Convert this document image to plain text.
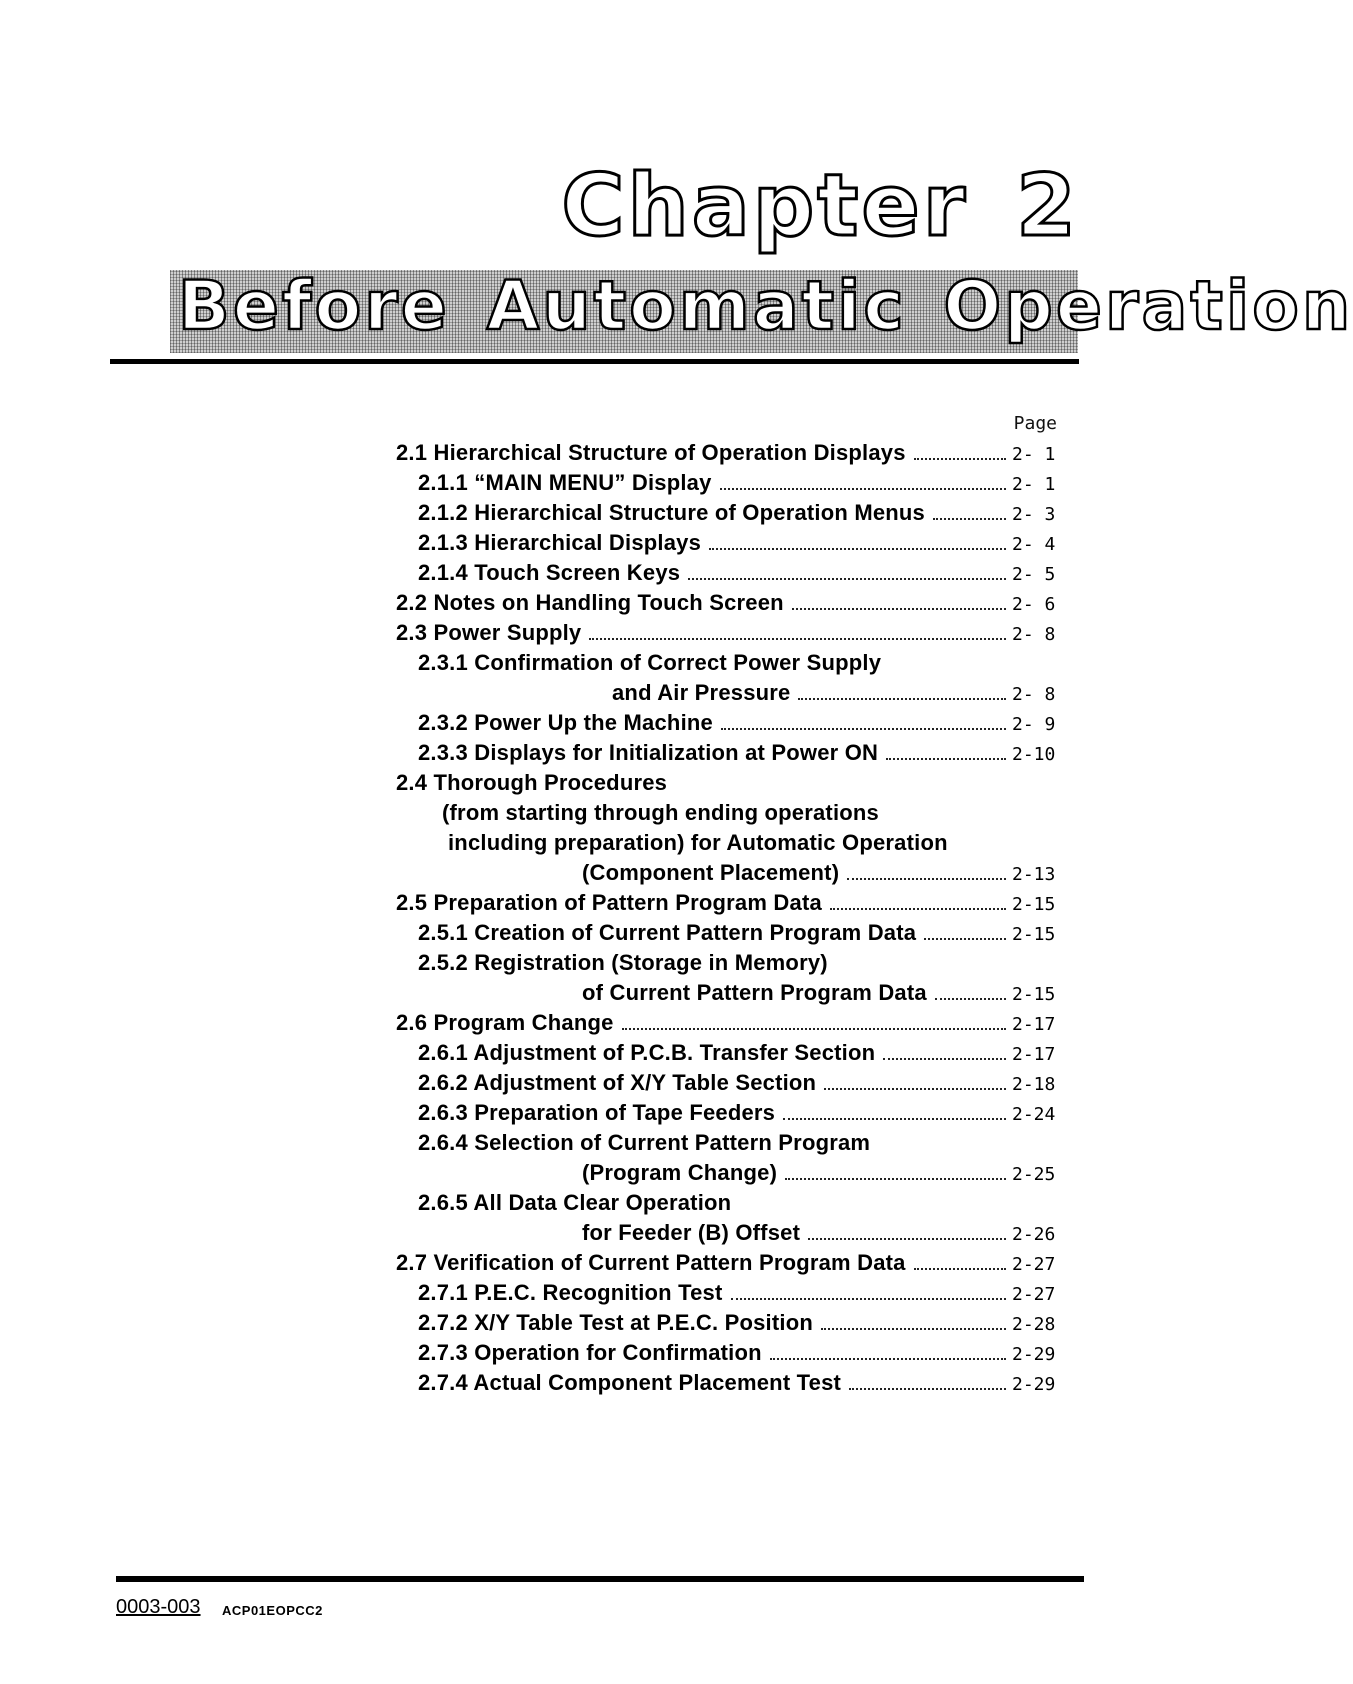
Chapter 2
Before Automatic Operation
Page
2.1 Hierarchical Structure of Operation Displays	2- 1
2.1.1 “MAIN MENU” Display	2- 1
2.1.2 Hierarchical Structure of Operation Menus	2- 3
2.1.3 Hierarchical Displays	2- 4
2.1.4 Touch Screen Keys	2- 5
2.2 Notes on Handling Touch Screen	2- 6
2.3 Power Supply	2- 8
2.3.1 Confirmation of Correct Power Supply
and Air Pressure	2- 8
2.3.2 Power Up the Machine	2- 9
2.3.3 Displays for Initialization at Power ON	2-10
2.4 Thorough Procedures
(from starting through ending operations
including preparation) for Automatic Operation
(Component Placement)	2-13
2.5 Preparation of Pattern Program Data	2-15
2.5.1 Creation of Current Pattern Program Data	2-15
2.5.2 Registration (Storage in Memory)
of Current Pattern Program Data	2-15
2.6 Program Change	2-17
2.6.1 Adjustment of P.C.B. Transfer Section	2-17
2.6.2 Adjustment of X/Y Table Section	2-18
2.6.3 Preparation of Tape Feeders	2-24
2.6.4 Selection of Current Pattern Program
(Program Change)	2-25
2.6.5 All Data Clear Operation
for Feeder (B) Offset	2-26
2.7 Verification of Current Pattern Program Data	2-27
2.7.1 P.E.C. Recognition Test	2-27
2.7.2 X/Y Table Test at P.E.C. Position	2-28
2.7.3 Operation for Confirmation	2-29
2.7.4 Actual Component Placement Test	2-29
0003-003 ACP01EOPCC2
